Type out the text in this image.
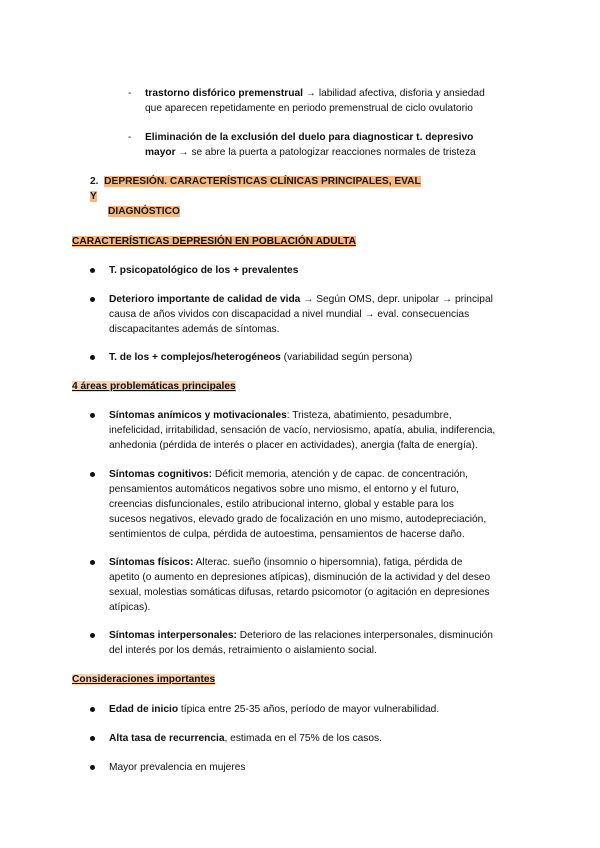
- trastorno disfórico premenstrual → labilidad afectiva, disforia y ansiedad
que aparecen repetidamente en periodo premenstrual de ciclo ovulatorio
- Eliminación de la exclusión del duelo para diagnosticar t. depresivo
mayor → se abre la puerta a patologizar reacciones normales de tristeza
2. DEPRESIÓN. CARACTERÍSTICAS CLÍNICAS PRINCIPALES, EVAL Y
DIAGNÓSTICO
CARACTERÍSTICAS DEPRESIÓN EN POBLACIÓN ADULTA
T. psicopatológico de los + prevalentes
Deterioro importante de calidad de vida → Según OMS, depr. unipolar → principal
causa de años vividos con discapacidad a nivel mundial → eval. consecuencias
discapacitantes además de síntomas.
T. de los + complejos/heterogéneos (variabilidad según persona)
4 áreas problemáticas principales
Síntomas anímicos y motivacionales: Tristeza, abatimiento, pesadumbre,
inefelicidad, irritabilidad, sensación de vacío, nerviosismo, apatía, abulia, indiferencia,
anhedonia (pérdida de interés o placer en actividades), anergia (falta de energía).
Síntomas cognitivos: Déficit memoria, atención y de capac. de concentración,
pensamientos automáticos negativos sobre uno mismo, el entorno y el futuro,
creencias disfuncionales, estilo atribucional interno, global y estable para los
sucesos negativos, elevado grado de focalización en uno mismo, autodepreciación,
sentimientos de culpa, pérdida de autoestima, pensamientos de hacerse daño.
Síntomas físicos: Alterac. sueño (insomnio o hipersomnia), fatiga, pérdida de
apetito (o aumento en depresiones atípicas), disminución de la actividad y del deseo
sexual, molestias somáticas difusas, retardo psicomotor (o agitación en depresiones
atípicas).
Síntomas interpersonales: Deterioro de las relaciones interpersonales, disminución
del interés por los demás, retraimiento o aislamiento social.
Consideraciones importantes
Edad de inicio típica entre 25-35 años, período de mayor vulnerabilidad.
Alta tasa de recurrencia, estimada en el 75% de los casos.
Mayor prevalencia en mujeres
